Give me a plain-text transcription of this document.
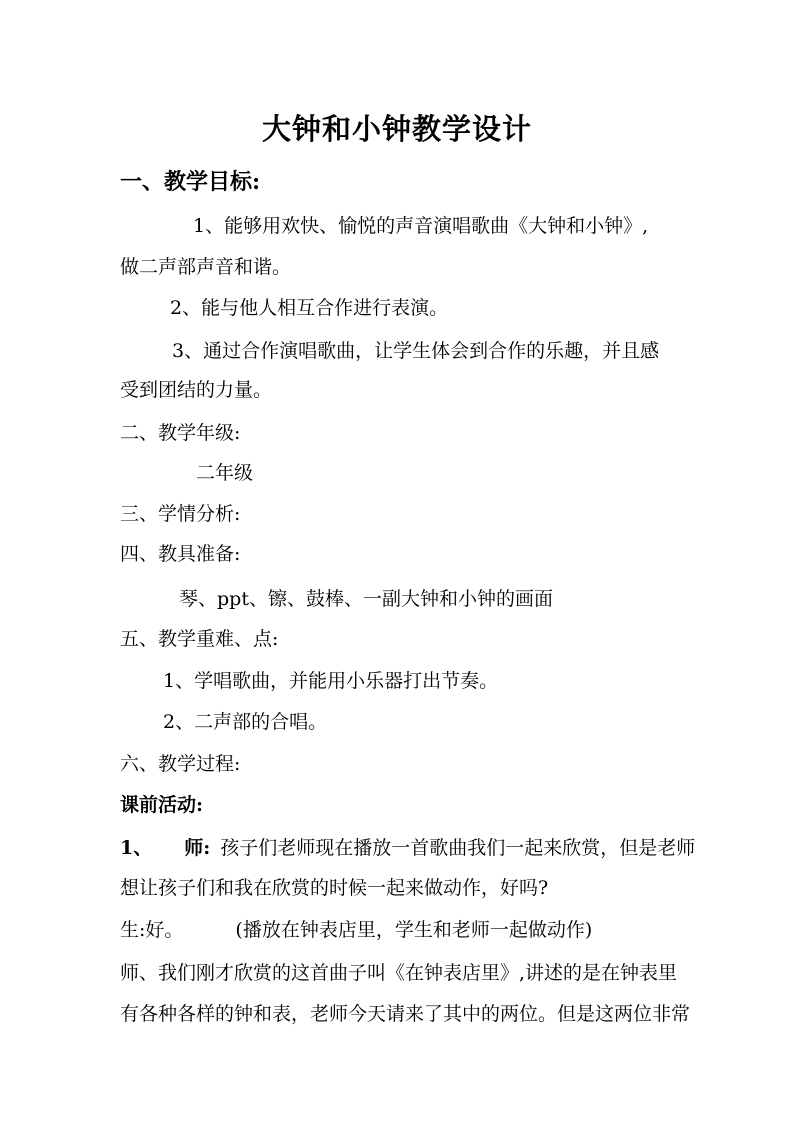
大钟和小钟教学设计
一、教学目标:
1、能够用欢快、愉悦的声音演唱歌曲《大钟和小钟》,
做二声部声音和谐。
2、能与他人相互合作进行表演。
3、通过合作演唱歌曲，让学生体会到合作的乐趣，并且感
受到团结的力量。
二、教学年级:
二年级
三、学情分析:
四、教具准备:
琴、ppt、镲、鼓棒、一副大钟和小钟的画面
五、教学重难、点:
1、学唱歌曲，并能用小乐器打出节奏。
2、二声部的合唱。
六、教学过程:
课前活动:
1、 师: 孩子们老师现在播放一首歌曲我们一起来欣赏，但是老师
想让孩子们和我在欣赏的时候一起来做动作，好吗?
生:好。	(播放在钟表店里，学生和老师一起做动作)
师、我们刚才欣赏的这首曲子叫《在钟表店里》,讲述的是在钟表里
有各种各样的钟和表，老师今天请来了其中的两位。但是这两位非常
